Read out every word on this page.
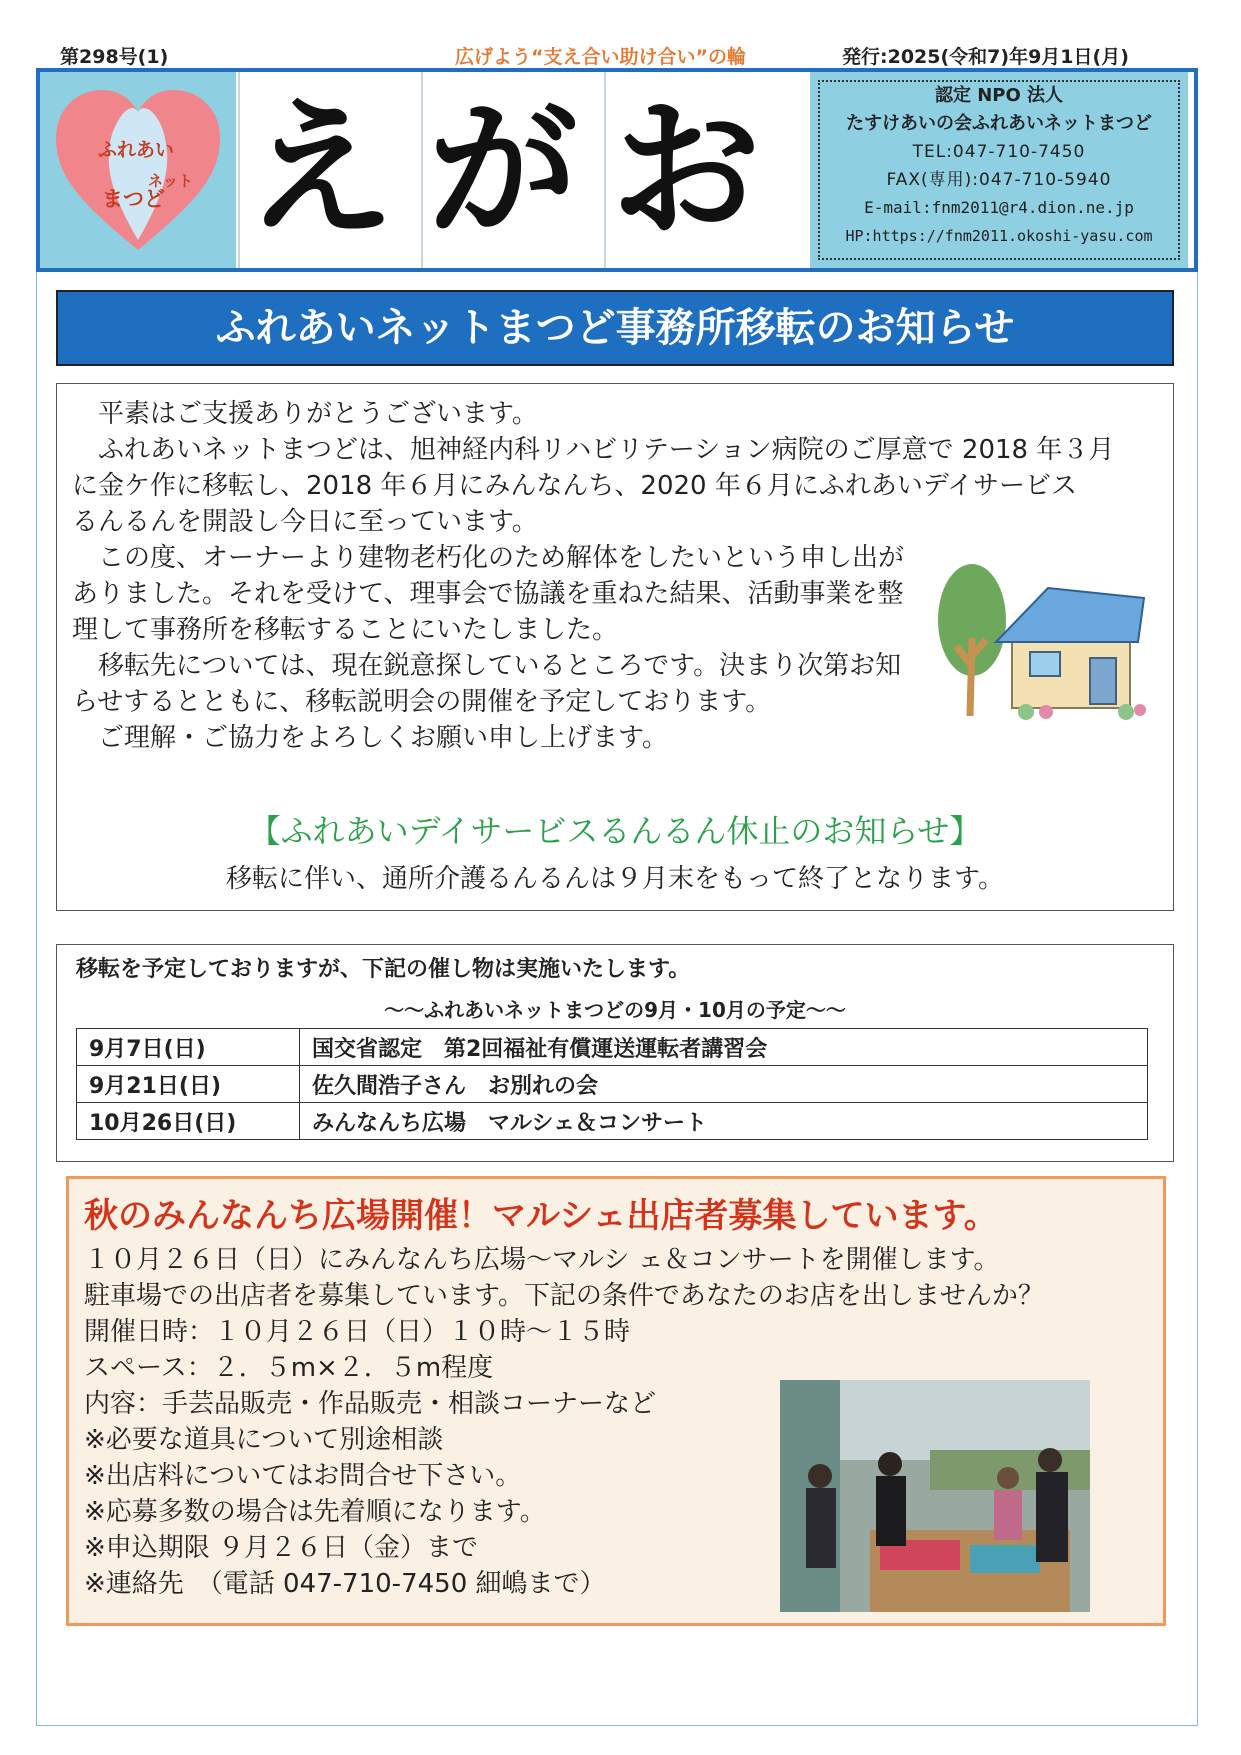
第298号(1)	広げよう“支え合い助け合い”の輪	発行:2025(令和7)年9月1日(月)
ふれあい
ネット
まつど え が お	認定 NPO 法人
たすけあいの会ふれあいネットまつど
TEL:047-710-7450
FAX(専用):047-710-5940
E-mail:fnm2011@r4.dion.ne.jp
HP:https://fnm2011.okoshi-yasu.com
ふれあいネットまつど事務所移転のお知らせ
　平素はご支援ありがとうございます。
　ふれあいネットまつどは、旭神経内科リハビリテーション病院のご厚意で 2018 年３月
に金ケ作に移転し、2018 年６月にみんなんち、2020 年６月にふれあいデイサービス
るんるんを開設し今日に至っています。
　この度、オーナーより建物老朽化のため解体をしたいという申し出が
ありました。それを受けて、理事会で協議を重ねた結果、活動事業を整
理して事務所を移転することにいたしました。
　移転先については、現在鋭意探しているところです。決まり次第お知
らせするとともに、移転説明会の開催を予定しております。
　ご理解・ご協力をよろしくお願い申し上げます。
【ふれあいデイサービスるんるん休止のお知らせ】
移転に伴い、通所介護るんるんは９月末をもって終了となります。
移転を予定しておりますが、下記の催し物は実施いたします。
～～ふれあいネットまつどの9月・10月の予定～～
9月7日(日)	国交省認定　第2回福祉有償運送運転者講習会
9月21日(日)	佐久間浩子さん　お別れの会
10月26日(日)	みんなんち広場　マルシェ＆コンサート
秋のみんなんち広場開催！マルシェ出店者募集しています。
１０月２６日（日）にみんなんち広場～マルシ ェ＆コンサートを開催します。
駐車場での出店者を募集しています。下記の条件であなたのお店を出しませんか？
開催日時：１０月２６日（日）１０時～１５時
スペース：２．５m×２．５m程度
内容：手芸品販売・作品販売・相談コーナーなど
※必要な道具について別途相談
※出店料についてはお問合せ下さい。
※応募多数の場合は先着順になります。
※申込期限 ９月２６日（金）まで
※連絡先　（電話 047-710-7450 細嶋まで）
